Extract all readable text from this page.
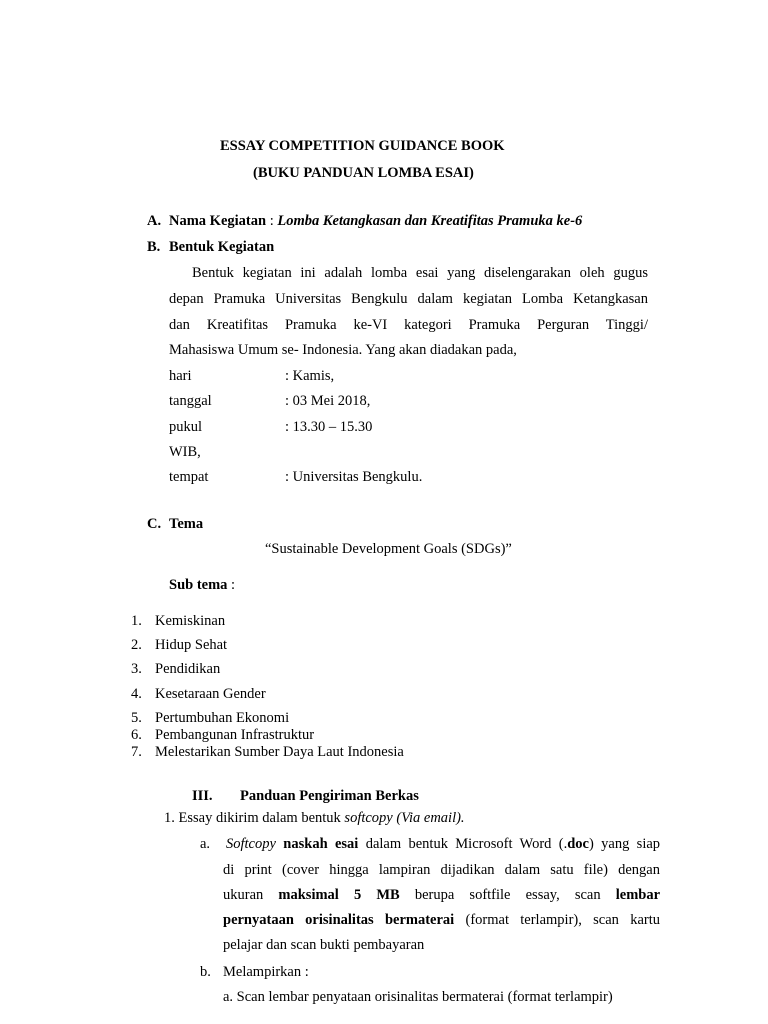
ESSAY COMPETITION GUIDANCE BOOK
(BUKU PANDUAN LOMBA ESAI)
A. Nama Kegiatan : Lomba Ketangkasan dan Kreatifitas Pramuka ke-6
B. Bentuk Kegiatan
Bentuk kegiatan ini adalah lomba esai yang diselengarakan oleh gugus
depan Pramuka Universitas Bengkulu dalam kegiatan Lomba Ketangkasan
dan Kreatifitas Pramuka ke-VI kategori Pramuka Perguran Tinggi/
Mahasiswa Umum se- Indonesia. Yang akan diadakan pada,
hari	: Kamis,
tanggal	: 03 Mei 2018,
pukul	: 13.30 – 15.30
WIB,
tempat	: Universitas Bengkulu.
C. Tema
“Sustainable Development Goals (SDGs)”
Sub tema :
1. Kemiskinan
2. Hidup Sehat
3. Pendidikan
4. Kesetaraan Gender
5. Pertumbuhan Ekonomi
6. Pembangunan Infrastruktur
7. Melestarikan Sumber Daya Laut Indonesia
III. Panduan Pengiriman Berkas
1. Essay dikirim dalam bentuk softcopy (Via email).
a. Softcopy naskah esai dalam bentuk Microsoft Word (.doc) yang siap
di print (cover hingga lampiran dijadikan dalam satu file) dengan
ukuran maksimal 5 MB berupa softfile essay, scan lembar
pernyataan orisinalitas bermaterai (format terlampir), scan kartu
pelajar dan scan bukti pembayaran
b. Melampirkan :
a. Scan lembar penyataan orisinalitas bermaterai (format terlampir)
